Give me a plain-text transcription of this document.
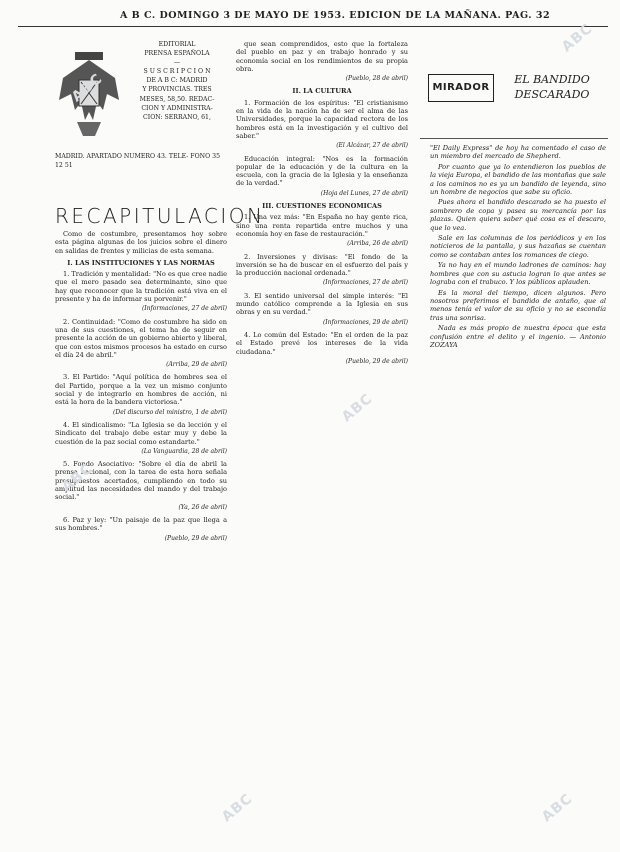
A B C. DOMINGO 3 DE MAYO DE 1953. EDICION DE LA MAÑANA. PAG. 32
EDITORIAL
PRENSA ESPAÑOLA
—
S U S C R I P C I O N
DE A B C: MADRID
Y PROVINCIAS. TRES
MESES, 58,50. REDAC-
CION Y ADMINISTRA-
CION: SERRANO, 61,
MADRID. APARTADO NUMERO 43. TELE- FONO 35 12 51
RECAPITULACION

Como de costumbre, presentamos hoy sobre esta página algunas de los juicios sobre el dinero en salidas de frentes y milicias de esta semana.

I. LAS INSTITUCIONES Y LAS NORMAS

1. Tradición y mentalidad: "No es que cree nadie que el mero pasado sea determinante, sino que hay que reconocer que la tradición está viva en el presente y ha de informar su porvenir."

(Informaciones, 27 de abril)

2. Continuidad: "Como de costumbre ha sido en una de sus cuestiones, el tema ha de seguir en presente la acción de un gobierno abierto y liberal, que con estos mismos procesos ha estado en curso el día 24 de abril."

(Arriba, 29 de abril)

3. El Partido: "Aquí política de hombres sea el del Partido, porque a la vez un mismo conjunto social y de integrarlo en hombres de acción, ni está la hora de la bandera victoriosa."

(Del discurso del ministro, 1 de abril)

4. El sindicalismo: "La Iglesia se da lección y el Sindicato del trabajo debe estar muy y debe la cuestión de la paz social como estandarte."

(La Vanguardia, 28 de abril)

5. Fondo Asociativo: "Sobre el día de abril la prensa nacional, con la tarea de esta hora señala presupuestos acertados, cumpliendo en todo su amplitud las necesidades del mando y del trabajo social."

(Ya, 26 de abril)

6. Paz y ley: "Un paisaje de la paz que llega a sus hombres."

(Pueblo, 29 de abril)

que sean comprendidos, esto que la fortaleza del pueblo en paz y en trabajo honrado y su economía social en los rendimientos de su propia obra.

(Pueblo, 28 de abril)
II. LA CULTURA

1. Formación de los espíritus: "El cristianismo en la vida de la nación ha de ser el alma de las Universidades, porque la capacidad rectora de los hombres está en la investigación y el cultivo del saber."

(El Alcázar, 27 de abril)

Educación integral: "Nos es la formación popular de la educación y de la cultura en la escuela, con la gracia de la Iglesia y la enseñanza de la verdad."

(Hoja del Lunes, 27 de abril)
III. CUESTIONES ECONOMICAS

1. Una vez más: "En España no hay gente rica, sino una renta repartida entre muchos y una economía hoy en fase de restauración."

(Arriba, 26 de abril)

2. Inversiones y divisas: "El fondo de la inversión se ha de buscar en el esfuerzo del país y la producción nacional ordenada."

(Informaciones, 27 de abril)

3. El sentido universal del simple interés: "El mundo católico comprende a la Iglesia en sus obras y en su verdad."

(Informaciones, 29 de abril)

4. Lo común del Estado: "En el orden de la paz el Estado prevé los intereses de la vida ciudadana."

(Pueblo, 29 de abril)
MIRADOR
EL BANDIDO DESCARADO

"El Daily Express" de hoy ha comentado el caso de un miembro del mercado de Shepherd.

Por cuanto que ya lo entendieron los pueblos de la vieja Europa, el bandido de las montañas que sale a los caminos no es ya un bandido de leyenda, sino un hombre de negocios que sabe su oficio.

Pues ahora el bandido descarado se ha puesto el sombrero de copa y pasea su mercancía por las plazas. Quien quiera saber qué cosa es el descaro, que lo vea.

Sale en las columnas de los periódicos y en los noticieros de la pantalla, y sus hazañas se cuentan como se contaban antes los romances de ciego.

Ya no hay en el mundo ladrones de caminos: hay hombres que con su astucia logran lo que antes se lograba con el trabuco. Y los públicos aplauden.

Es la moral del tiempo, dicen algunos. Pero nosotros preferimos el bandido de antaño, que al menos tenía el valor de su oficio y no se escondía tras una sonrisa.

Nada es más propio de nuestra época que esta confusión entre el delito y el ingenio. — Antonio ZOZAYA

ABC
ABC
ABC
ABC
ABC	ABC
